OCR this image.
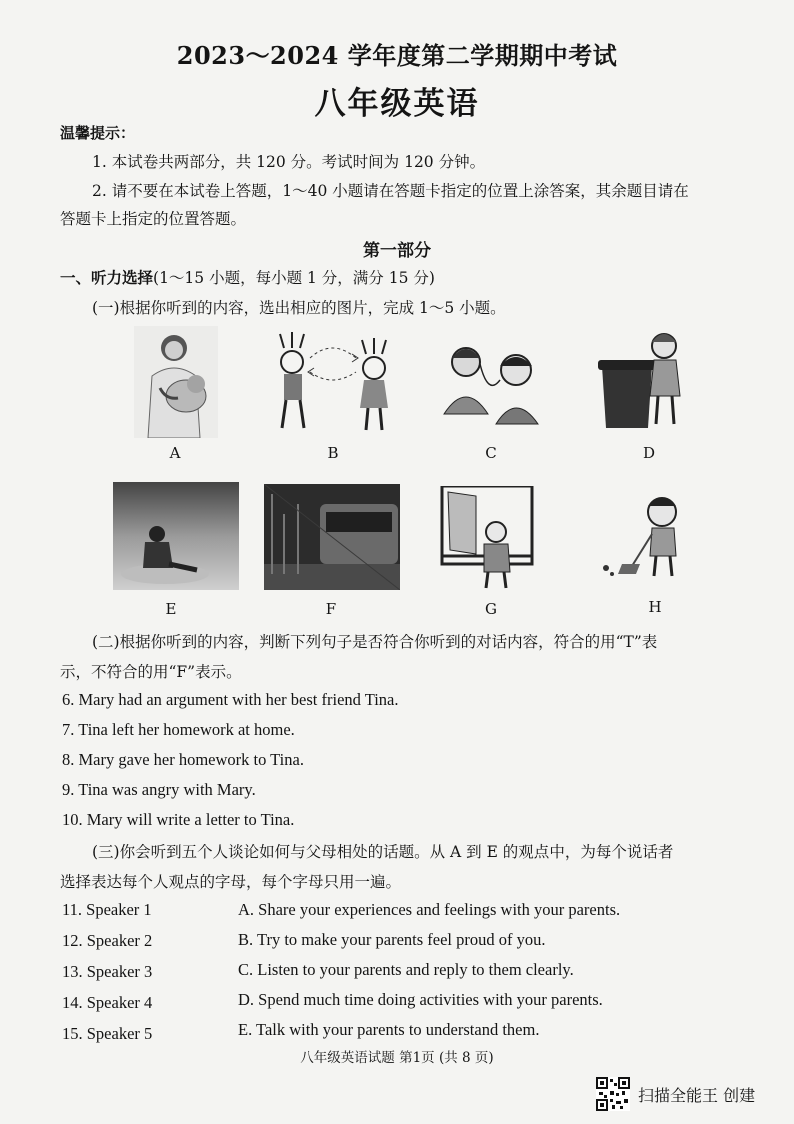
2023～2024 学年度第二学期期中考试
八年级英语
温馨提示：
1. 本试卷共两部分，共 120 分。考试时间为 120 分钟。
2. 请不要在本试卷上答题，1～40 小题请在答题卡指定的位置上涂答案，其余题目请在
答题卡上指定的位置答题。
第一部分
一、听力选择(1～15 小题，每小题 1 分，满分 15 分)
(一)根据你听到的内容，选出相应的图片，完成 1～5 小题。
A	B	C	D
E	F	G	H
(二)根据你听到的内容，判断下列句子是否符合你听到的对话内容，符合的用“T”表
示，不符合的用“F”表示。
6. Mary had an argument with her best friend Tina.
7. Tina left her homework at home.
8. Mary gave her homework to Tina.
9. Tina was angry with Mary.
10. Mary will write a letter to Tina.
(三)你会听到五个人谈论如何与父母相处的话题。从 A 到 E 的观点中，为每个说话者
选择表达每个人观点的字母，每个字母只用一遍。
11. Speaker 1
12. Speaker 2
13. Speaker 3
14. Speaker 4
15. Speaker 5
A. Share your experiences and feelings with your parents.
B. Try to make your parents feel proud of you.
C. Listen to your parents and reply to them clearly.
D. Spend much time doing activities with your parents.
E. Talk with your parents to understand them.
八年级英语试题 第1页 (共 8 页)
扫描全能王 创建
